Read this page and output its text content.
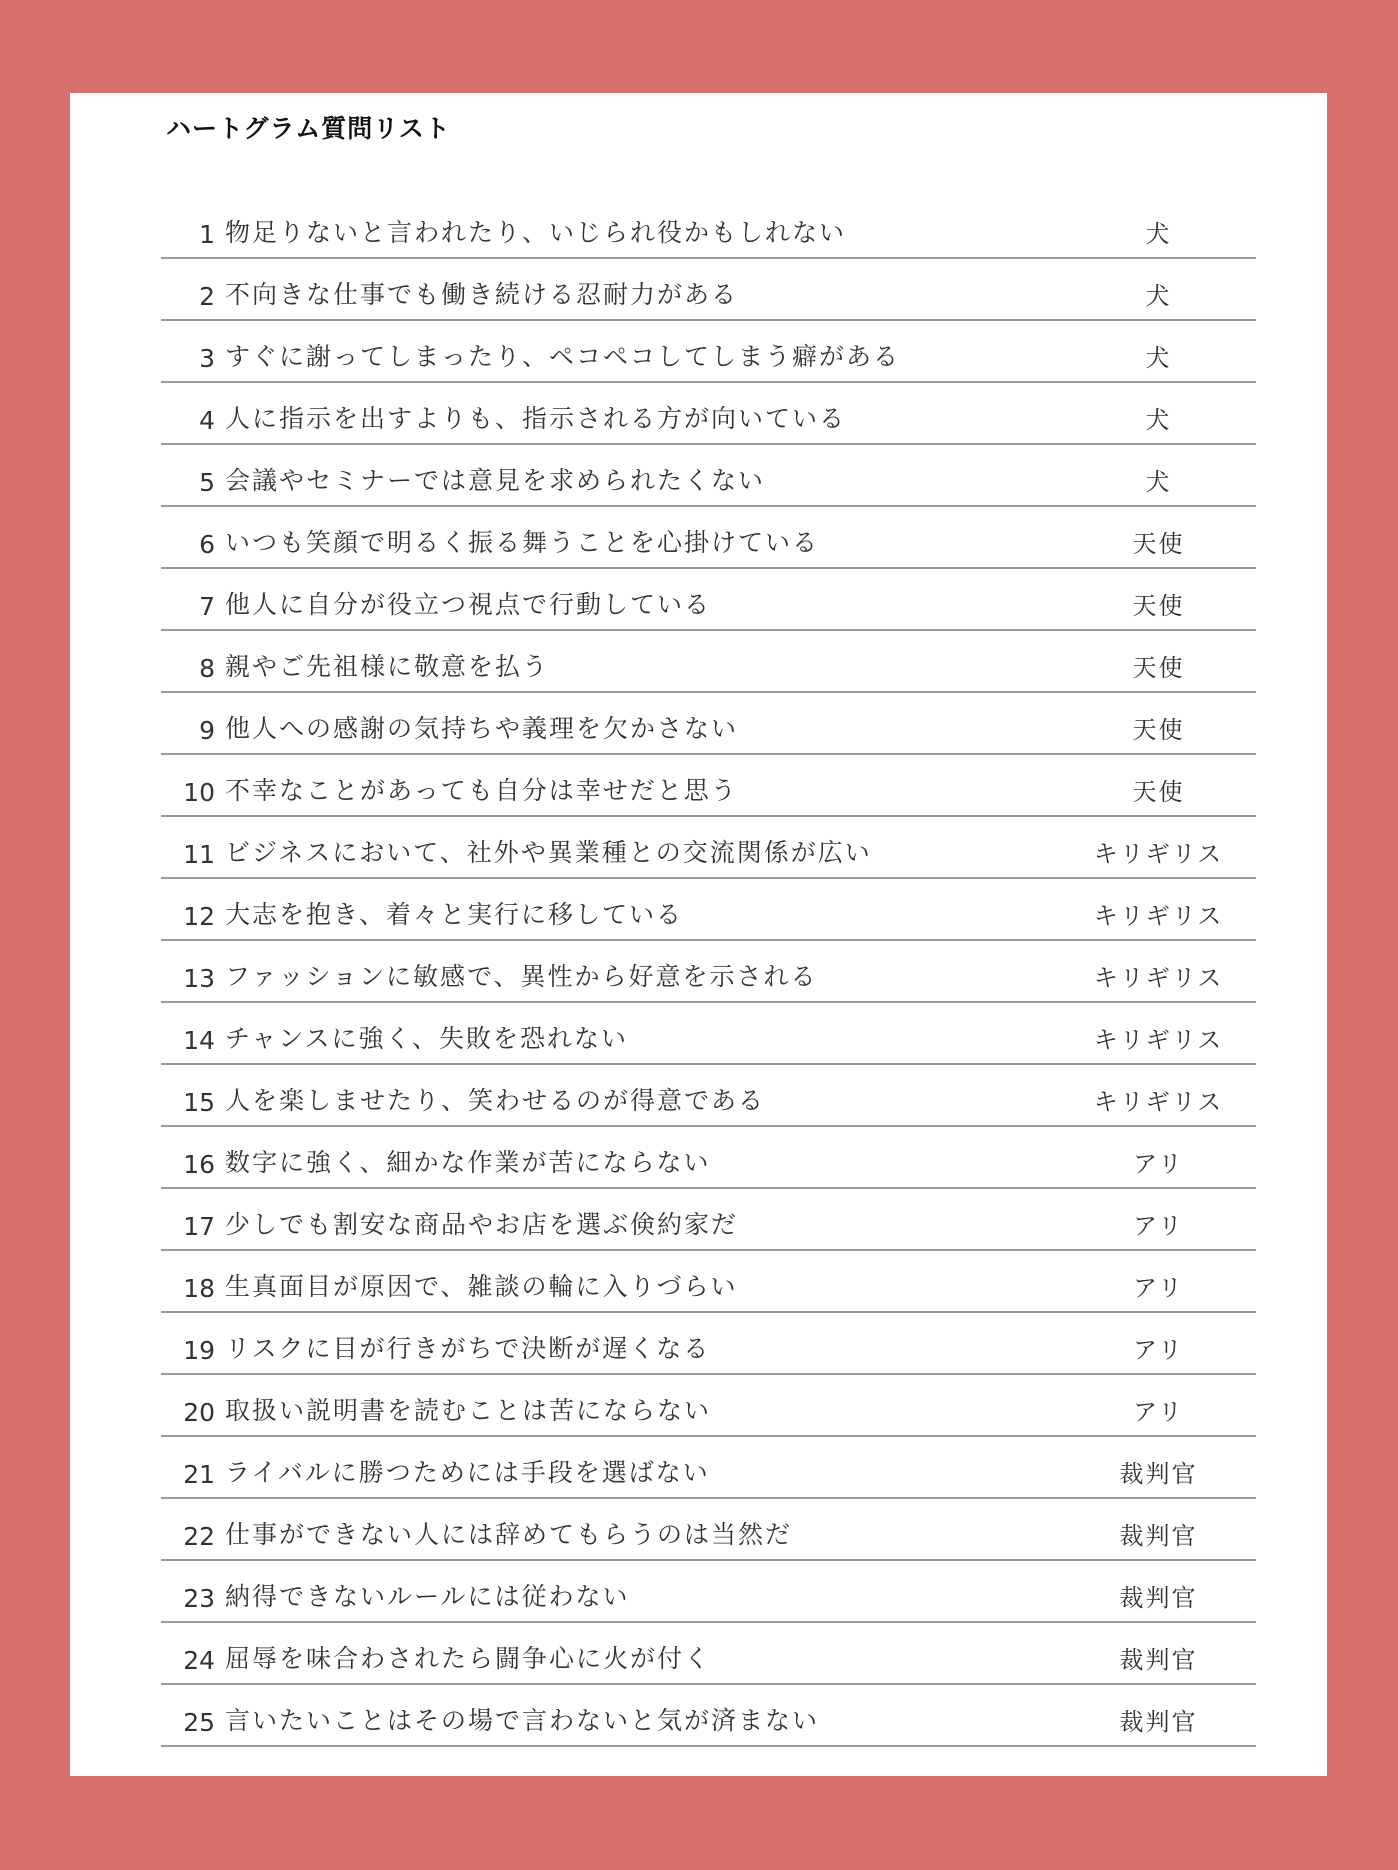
ハートグラム質問リスト
1 物足りないと言われたり、いじられ役かもしれない	犬
2 不向きな仕事でも働き続ける忍耐力がある	犬
3 すぐに謝ってしまったり、ペコペコしてしまう癖がある	犬
4 人に指示を出すよりも、指示される方が向いている	犬
5 会議やセミナーでは意見を求められたくない	犬
6 いつも笑顔で明るく振る舞うことを心掛けている	天使
7 他人に自分が役立つ視点で行動している	天使
8 親やご先祖様に敬意を払う	天使
9 他人への感謝の気持ちや義理を欠かさない	天使
10 不幸なことがあっても自分は幸せだと思う	天使
11 ビジネスにおいて、社外や異業種との交流関係が広い	キリギリス
12 大志を抱き、着々と実行に移している	キリギリス
13 ファッションに敏感で、異性から好意を示される	キリギリス
14 チャンスに強く、失敗を恐れない	キリギリス
15 人を楽しませたり、笑わせるのが得意である	キリギリス
16 数字に強く、細かな作業が苦にならない	アリ
17 少しでも割安な商品やお店を選ぶ倹約家だ	アリ
18 生真面目が原因で、雑談の輪に入りづらい	アリ
19 リスクに目が行きがちで決断が遅くなる	アリ
20 取扱い説明書を読むことは苦にならない	アリ
21 ライバルに勝つためには手段を選ばない	裁判官
22 仕事ができない人には辞めてもらうのは当然だ	裁判官
23 納得できないルールには従わない	裁判官
24 屈辱を味合わされたら闘争心に火が付く	裁判官
25 言いたいことはその場で言わないと気が済まない	裁判官
